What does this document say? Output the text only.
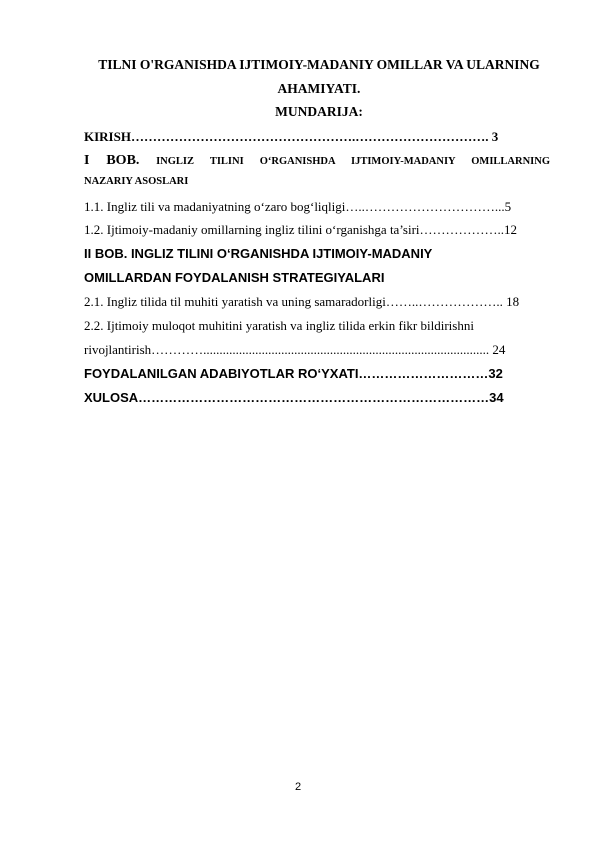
TILNI O'RGANISHDA IJTIMOIY-MADANIY OMILLAR VA ULARNING
AHAMIYATI.
MUNDARIJA:
KIRISH…………………………………………….…………………………. 3
I BOB. INGLIZ TILINI O‘RGANISHDA IJTIMOIY-MADANIY OMILLARNING
NAZARIY ASOSLARI
1.1. Ingliz tili va madaniyatning o‘zaro bog‘liqligi…..…………………………...5
1.2. Ijtimoiy-madaniy omillarning ingliz tilini o‘rganishga ta’siri………………..12
II BOB. INGLIZ TILINI O‘RGANISHDA IJTIMOIY-MADANIY
OMILLARDAN FOYDALANISH STRATEGIYALARI
2.1. Ingliz tilida til muhiti yaratish va uning samaradorligi……..……………….. 18
2.2. Ijtimoiy muloqot muhitini yaratish va ingliz tilida erkin fikr bildirishni
rivojlantirish…………........................................................................................ 24
FOYDALANILGAN ADABIYOTLAR RO‘YXATI…………………………32
XULOSA………………………………………………………………………34
2
